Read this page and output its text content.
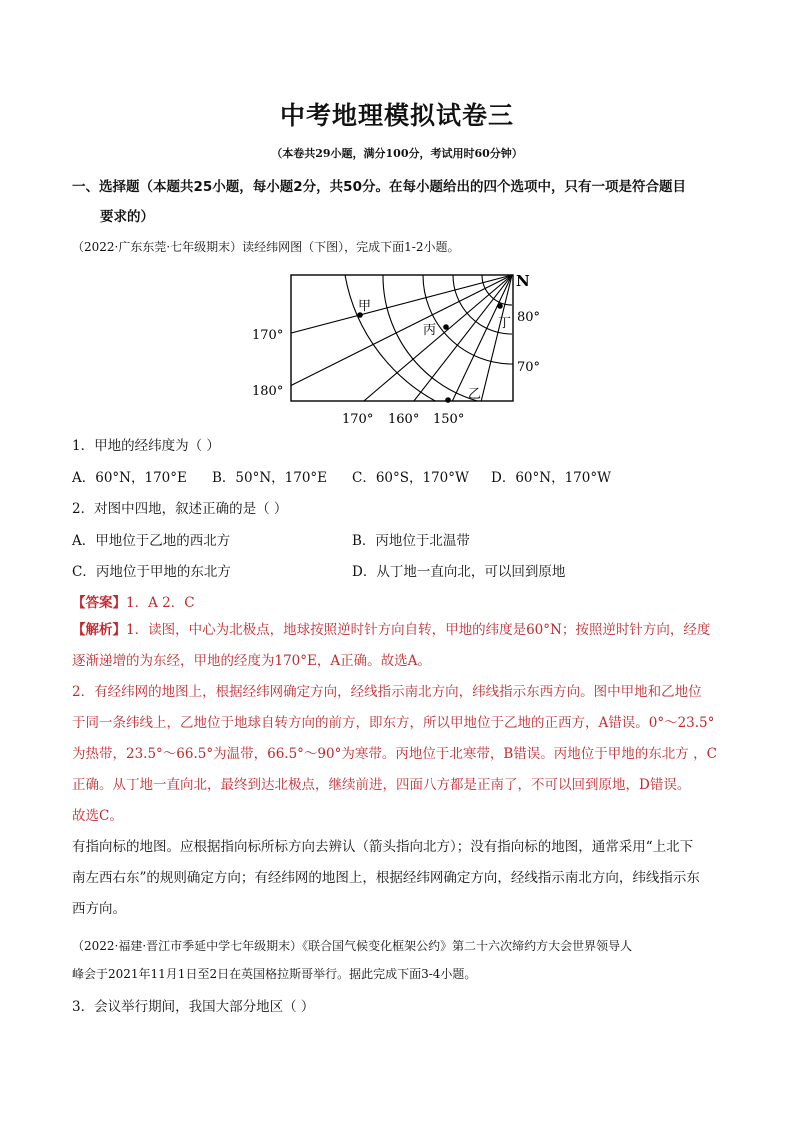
中考地理模拟试卷三
（本卷共29小题，满分100分，考试用时60分钟）
一、选择题（本题共25小题，每小题2分，共50分。在每小题给出的四个选项中，只有一项是符合题目
要求的）
（2022·广东东莞·七年级期末）读经纬网图（下图），完成下面1-2小题。
N
80°
70°
170°
180°
170° 160° 150°
甲
乙
丙	丁
1．甲地的经纬度为（ ）
A．60°N，170°E B．50°N，170°E C．60°S，170°W D．60°N，170°W
2．对图中四地，叙述正确的是（ ）
A．甲地位于乙地的西北方	B．丙地位于北温带
C．丙地位于甲地的东北方	D．从丁地一直向北，可以回到原地
【答案】1．A 2．C
【解析】1．读图，中心为北极点，地球按照逆时针方向自转，甲地的纬度是60°N；按照逆时针方向，经度
逐渐递增的为东经，甲地的经度为170°E，A正确。故选A。
2．有经纬网的地图上，根据经纬网确定方向，经线指示南北方向，纬线指示东西方向。图中甲地和乙地位
于同一条纬线上，乙地位于地球自转方向的前方，即东方，所以甲地位于乙地的正西方，A错误。0°～23.5°
为热带，23.5°～66.5°为温带，66.5°～90°为寒带。丙地位于北寒带，B错误。丙地位于甲地的东北方 ，C
正确。从丁地一直向北，最终到达北极点，继续前进，四面八方都是正南了，不可以回到原地，D错误。
故选C。
有指向标的地图。应根据指向标所标方向去辨认（箭头指向北方）；没有指向标的地图，通常采用“上北下
南左西右东”的规则确定方向；有经纬网的地图上，根据经纬网确定方向，经线指示南北方向，纬线指示东
西方向。
（2022·福建·晋江市季延中学七年级期末）《联合国气候变化框架公约》第二十六次缔约方大会世界领导人
峰会于2021年11月1日至2日在英国格拉斯哥举行。据此完成下面3-4小题。
3．会议举行期间，我国大部分地区（ ）
